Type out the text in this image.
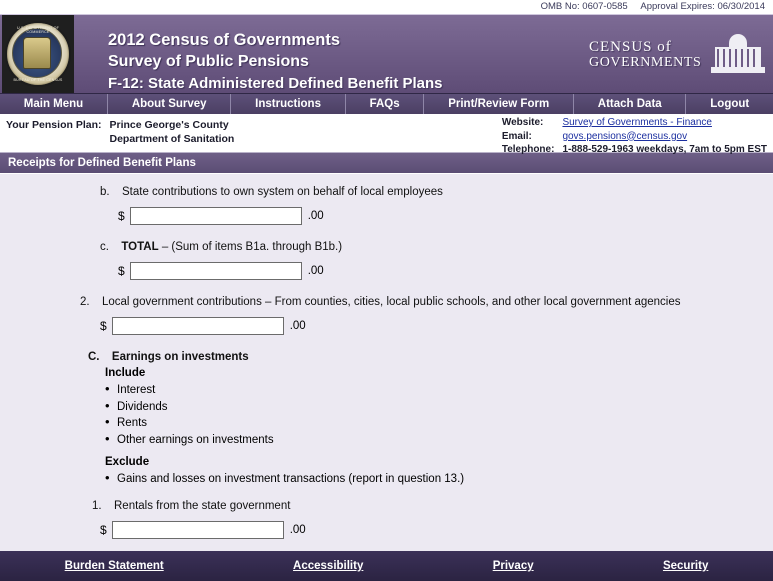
OMB No: 0607-0585 Approval Expires: 06/30/2014
U.S. DEPARTMENT OF COMMERCE
BUREAU OF THE CENSUS
2012 Census of Governments
Survey of Public Pensions
F-12: State Administered Defined Benefit Plans
CENSUS of
GOVERNMENTS
Main Menu	About Survey	Instructions	FAQs	Print/Review Form	Attach Data	Logout
Your Pension Plan: Prince George's County
Department of Sanitation
Website:	Survey of Governments - Finance
Email:	govs.pensions@census.gov
Telephone:	1-888-529-1963 weekdays, 7am to 5pm EST
Receipts for Defined Benefit Plans
b. State contributions to own system on behalf of local employees
$	.00
c. TOTAL – (Sum of items B1a. through B1b.)
$	.00
2. Local government contributions – From counties, cities, local public schools, and other local government agencies
$	.00
C. Earnings on investments
Include
• Interest
• Dividends
• Rents
• Other earnings on investments
Exclude
• Gains and losses on investment transactions (report in question 13.)
1. Rentals from the state government
$	.00
Burden Statement	Accessibility	Privacy	Security
